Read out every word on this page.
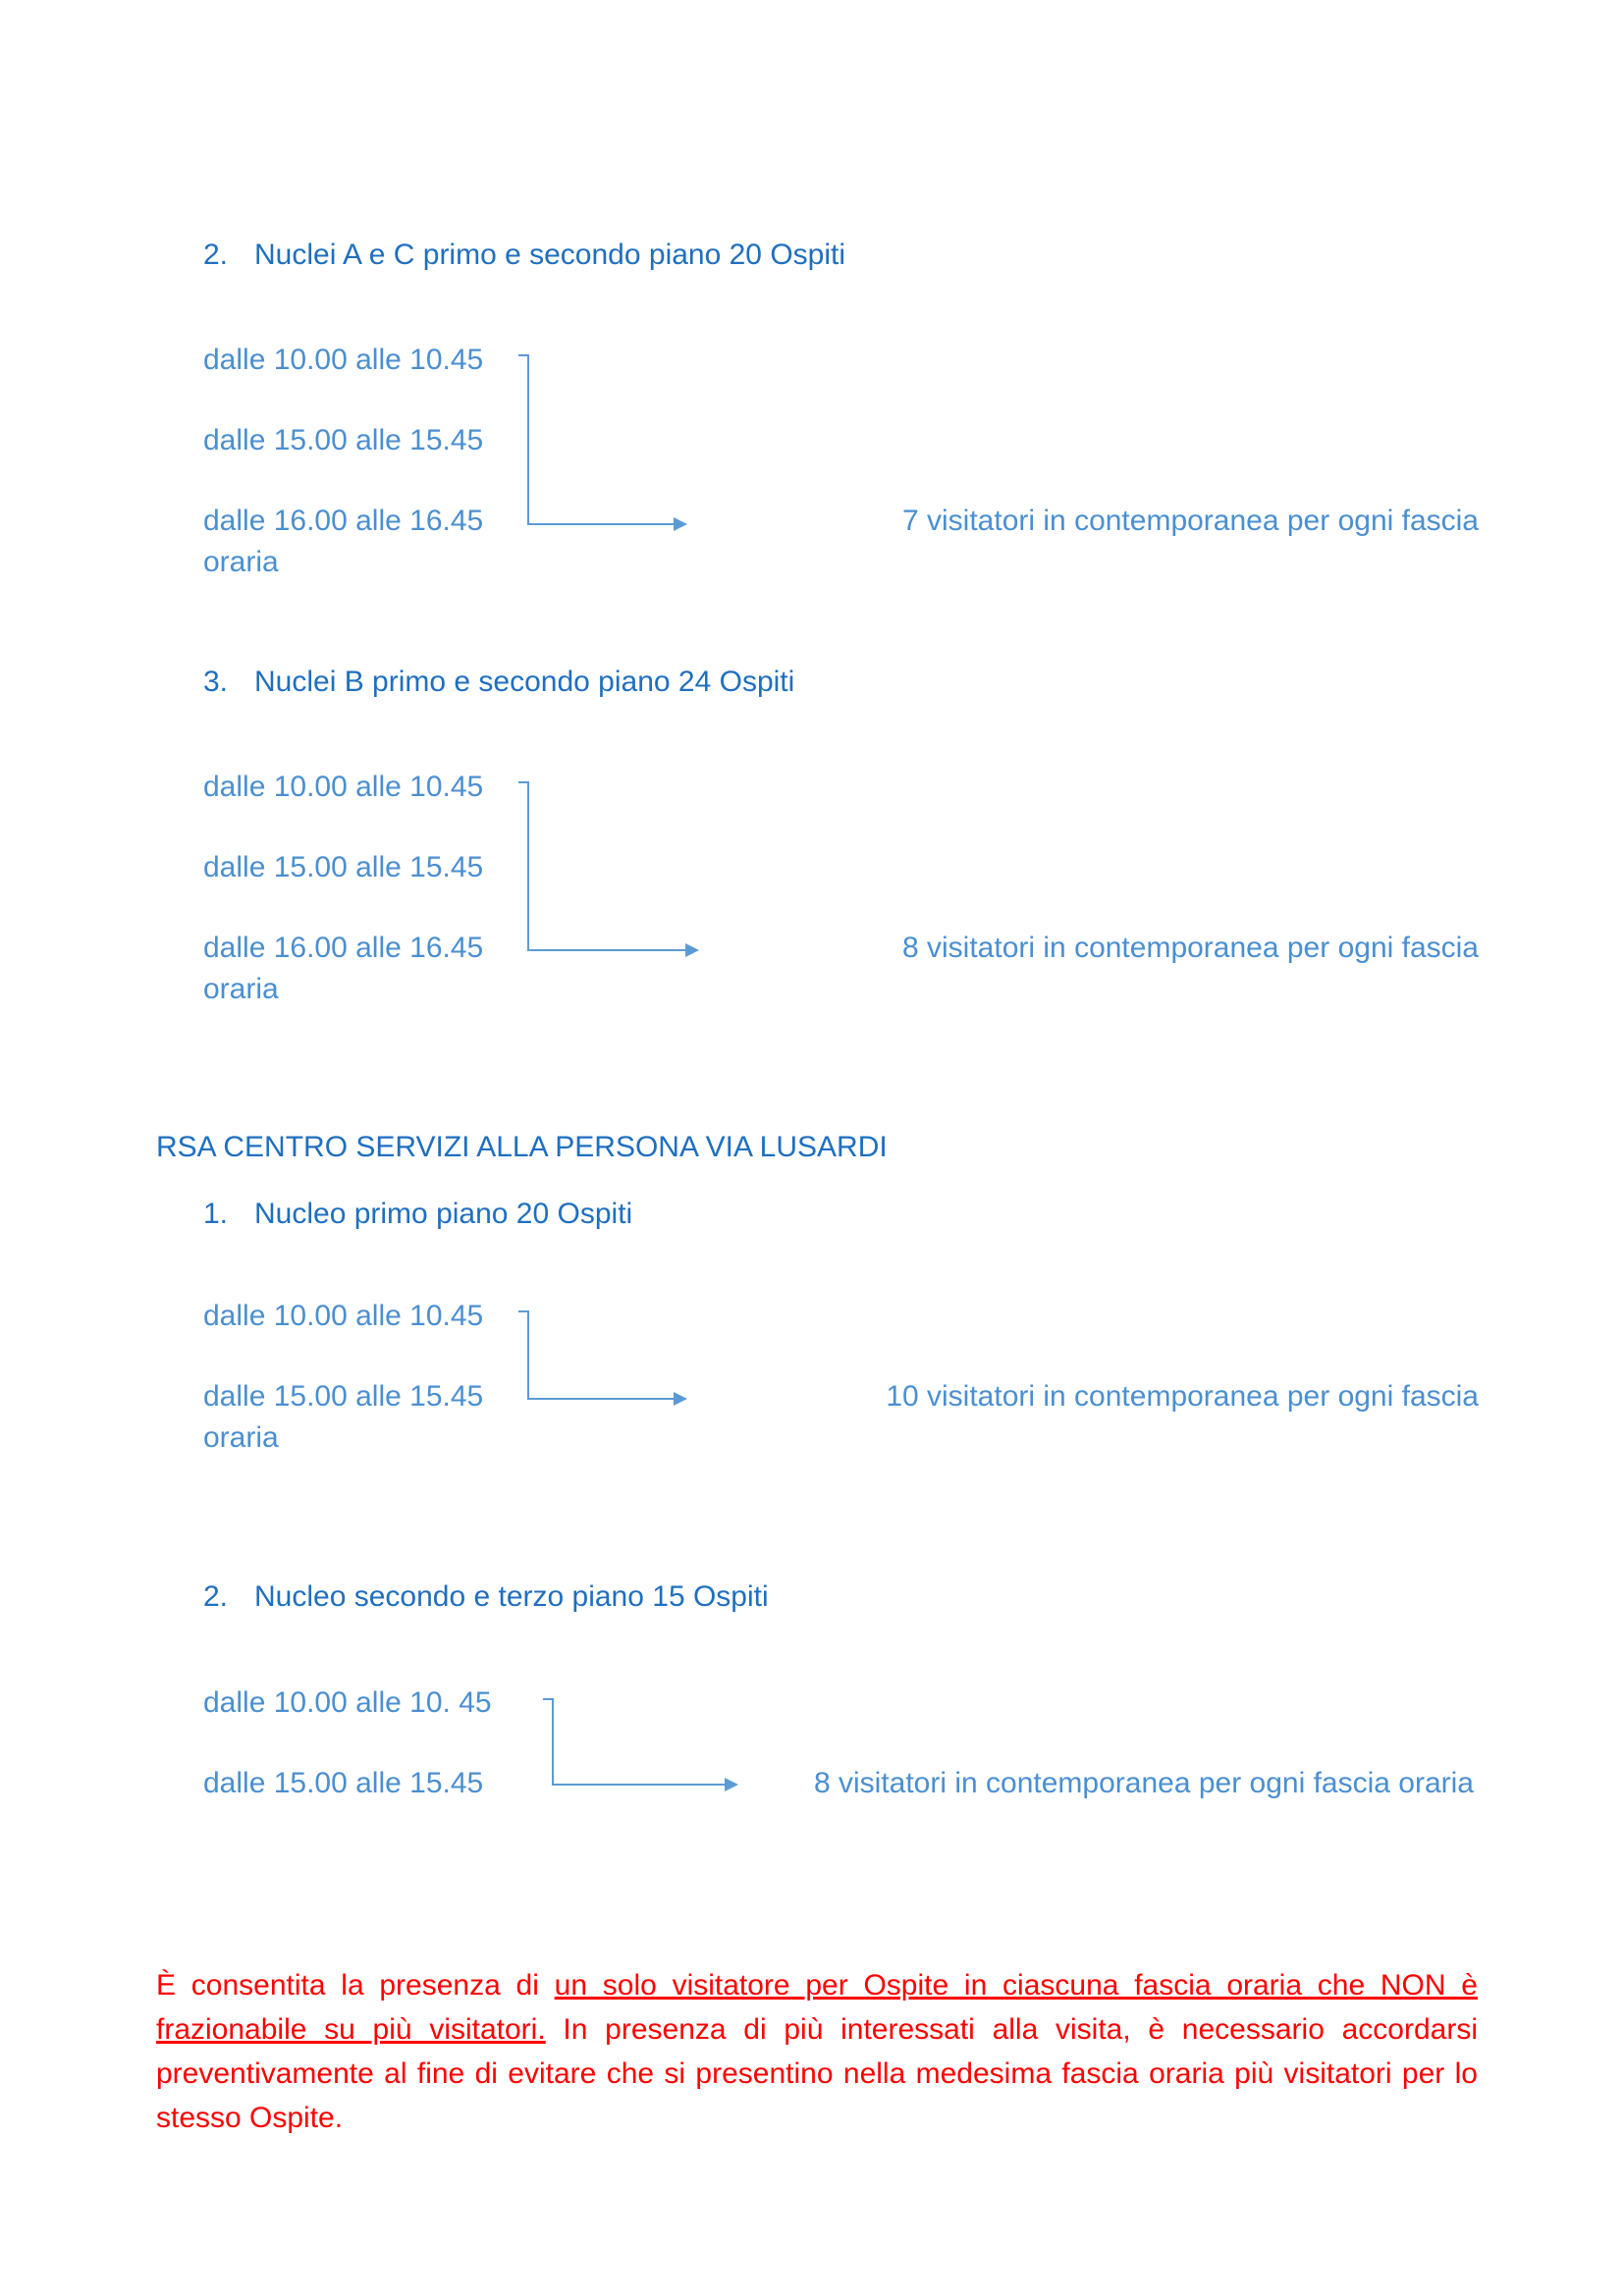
2. Nuclei A e C primo e secondo piano 20 Ospiti
dalle 10.00 alle 10.45
dalle 15.00 alle 15.45
dalle 16.00 alle 16.45	7 visitatori in contemporanea per ogni fascia
oraria
3. Nuclei B primo e secondo piano 24 Ospiti
dalle 10.00 alle 10.45
dalle 15.00 alle 15.45
dalle 16.00 alle 16.45	8 visitatori in contemporanea per ogni fascia
oraria
RSA CENTRO SERVIZI ALLA PERSONA VIA LUSARDI
1. Nucleo primo piano 20 Ospiti
dalle 10.00 alle 10.45
dalle 15.00 alle 15.45	10 visitatori in contemporanea per ogni fascia
oraria
2. Nucleo secondo e terzo piano 15 Ospiti
dalle 10.00 alle 10. 45
dalle 15.00 alle 15.45	8 visitatori in contemporanea per ogni fascia oraria
È consentita la presenza di un solo visitatore per Ospite in ciascuna fascia oraria che NON è frazionabile su più visitatori. In presenza di più interessati alla visita, è necessario accordarsi preventivamente al fine di evitare che si presentino nella medesima fascia oraria più visitatori per lo stesso Ospite.
